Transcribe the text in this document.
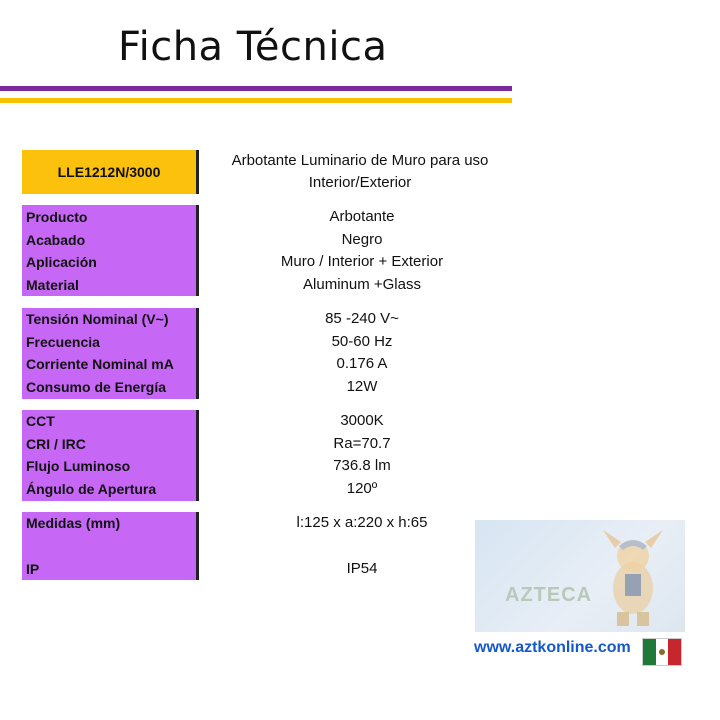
Ficha Técnica
LLE1212N/3000
Arbotante Luminario de Muro para uso
Interior/Exterior
Producto	Arbotante
Acabado	Negro
Aplicación	Muro / Interior + Exterior
Material	Aluminum +Glass
Tensión Nominal (V~)	85 -240 V~
Frecuencia	50-60 Hz
Corriente Nominal mA	0.176 A
Consumo de Energía	12W
CCT	3000K
CRI / IRC	Ra=70.7
Flujo Luminoso	736.8 lm
Ángulo de Apertura	120º
Medidas (mm)	l:125 x a:220 x h:65
IP	IP54
AZTECA
www.aztkonline.com
